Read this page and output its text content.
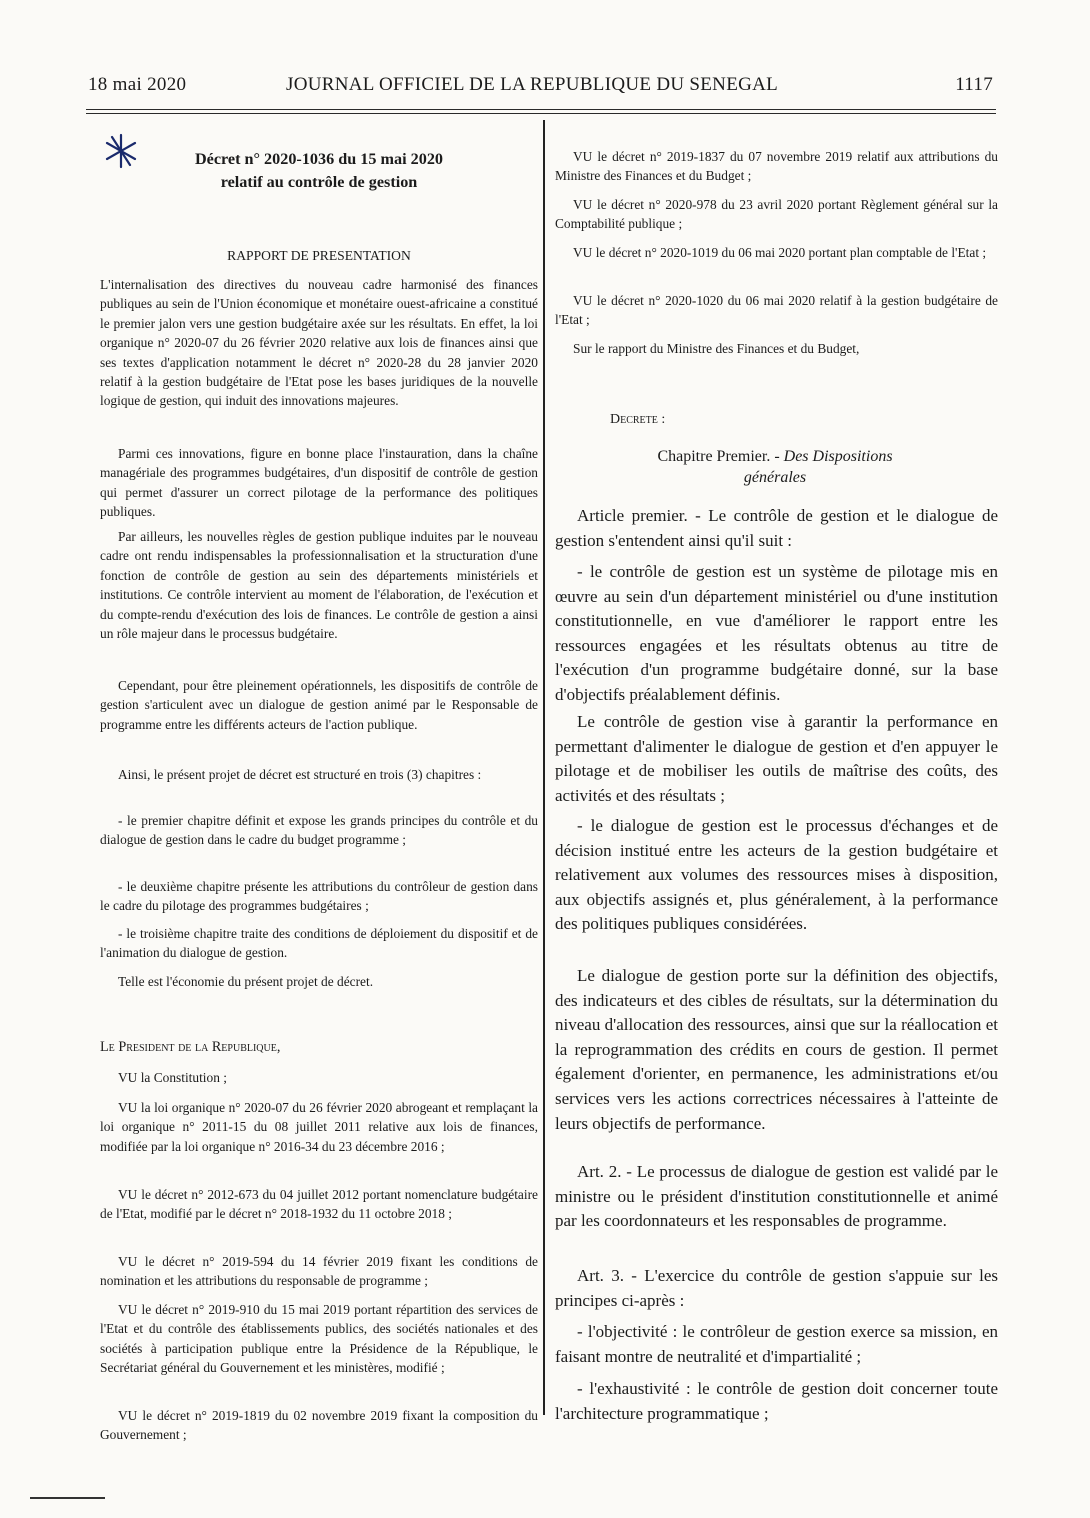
18 mai 2020	JOURNAL OFFICIEL DE LA REPUBLIQUE DU SENEGAL	1117
Décret n° 2020-1036 du 15 mai 2020
relatif au contrôle de gestion

RAPPORT DE PRESENTATION

L'internalisation des directives du nouveau cadre harmonisé des finances publiques au sein de l'Union économique et monétaire ouest-africaine a constitué le premier jalon vers une gestion budgétaire axée sur les résultats. En effet, la loi organique n° 2020-07 du 26 février 2020 relative aux lois de finances ainsi que ses textes d'application notamment le décret n° 2020-28 du 28 janvier 2020 relatif à la gestion budgétaire de l'Etat pose les bases juridiques de la nouvelle logique de gestion, qui induit des innovations majeures.

Parmi ces innovations, figure en bonne place l'instauration, dans la chaîne managériale des programmes budgétaires, d'un dispositif de contrôle de gestion qui permet d'assurer un correct pilotage de la performance des politiques publiques.

Par ailleurs, les nouvelles règles de gestion publique induites par le nouveau cadre ont rendu indispensables la professionnalisation et la structuration d'une fonction de contrôle de gestion au sein des départements ministériels et institutions. Ce contrôle intervient au moment de l'élaboration, de l'exécution et du compte-rendu d'exécution des lois de finances. Le contrôle de gestion a ainsi un rôle majeur dans le processus budgétaire.

Cependant, pour être pleinement opérationnels, les dispositifs de contrôle de gestion s'articulent avec un dialogue de gestion animé par le Responsable de programme entre les différents acteurs de l'action publique.

Ainsi, le présent projet de décret est structuré en trois (3) chapitres :

- le premier chapitre définit et expose les grands principes du contrôle et du dialogue de gestion dans le cadre du budget programme ;

- le deuxième chapitre présente les attributions du contrôleur de gestion dans le cadre du pilotage des programmes budgétaires ;

- le troisième chapitre traite des conditions de déploiement du dispositif et de l'animation du dialogue de gestion.

Telle est l'économie du présent projet de décret.

Le President de la Republique,

VU la Constitution ;

VU la loi organique n° 2020-07 du 26 février 2020 abrogeant et remplaçant la loi organique n° 2011-15 du 08 juillet 2011 relative aux lois de finances, modifiée par la loi organique n° 2016-34 du 23 décembre 2016 ;

VU le décret n° 2012-673 du 04 juillet 2012 portant nomenclature budgétaire de l'Etat, modifié par le décret n° 2018-1932 du 11 octobre 2018 ;

VU le décret n° 2019-594 du 14 février 2019 fixant les conditions de nomination et les attributions du responsable de programme ;

VU le décret n° 2019-910 du 15 mai 2019 portant répartition des services de l'Etat et du contrôle des établissements publics, des sociétés nationales et des sociétés à participation publique entre la Présidence de la République, le Secrétariat général du Gouvernement et les ministères, modifié ;

VU le décret n° 2019-1819 du 02 novembre 2019 fixant la composition du Gouvernement ;

VU le décret n° 2019-1837 du 07 novembre 2019 relatif aux attributions du Ministre des Finances et du Budget ;

VU le décret n° 2020-978 du 23 avril 2020 portant Règlement général sur la Comptabilité publique ;

VU le décret n° 2020-1019 du 06 mai 2020 portant plan comptable de l'Etat ;

VU le décret n° 2020-1020 du 06 mai 2020 relatif à la gestion budgétaire de l'Etat ;

Sur le rapport du Ministre des Finances et du Budget,

Decrete :

Chapitre Premier. - Des Dispositions
générales

Article premier. - Le contrôle de gestion et le dialogue de gestion s'entendent ainsi qu'il suit :

- le contrôle de gestion est un système de pilotage mis en œuvre au sein d'un département ministériel ou d'une institution constitutionnelle, en vue d'améliorer le rapport entre les ressources engagées et les résultats obtenus au titre de l'exécution d'un programme budgétaire donné, sur la base d'objectifs préalablement définis.

Le contrôle de gestion vise à garantir la performance en permettant d'alimenter le dialogue de gestion et d'en appuyer le pilotage et de mobiliser les outils de maîtrise des coûts, des activités et des résultats ;

- le dialogue de gestion est le processus d'échanges et de décision institué entre les acteurs de la gestion budgétaire et relativement aux volumes des ressources mises à disposition, aux objectifs assignés et, plus généralement, à la performance des politiques publiques considérées.

Le dialogue de gestion porte sur la définition des objectifs, des indicateurs et des cibles de résultats, sur la détermination du niveau d'allocation des ressources, ainsi que sur la réallocation et la reprogrammation des crédits en cours de gestion. Il permet également d'orienter, en permanence, les administrations et/ou services vers les actions correctrices nécessaires à l'atteinte de leurs objectifs de performance.

Art. 2. - Le processus de dialogue de gestion est validé par le ministre ou le président d'institution constitutionnelle et animé par les coordonnateurs et les responsables de programme.

Art. 3. - L'exercice du contrôle de gestion s'appuie sur les principes ci-après :

- l'objectivité : le contrôleur de gestion exerce sa mission, en faisant montre de neutralité et d'impartialité ;

- l'exhaustivité : le contrôle de gestion doit concerner toute l'architecture programmatique ;
